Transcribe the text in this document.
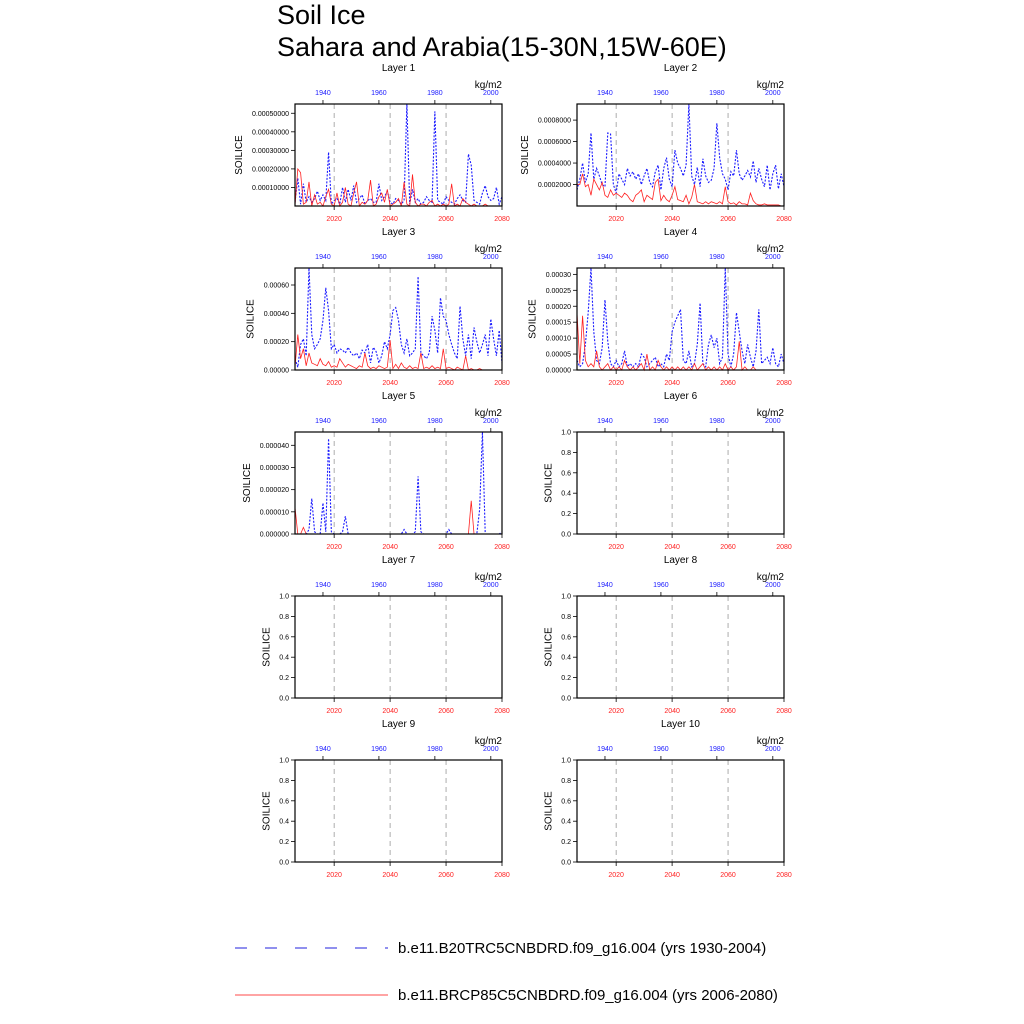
Soil Ice
Sahara and Arabia(15-30N,15W-60E)
Layer 1
kg/m2
0.00010000
0.00020000
0.00030000
0.00040000
0.00050000
2020	2040	2060	2080
1940	1960	1980	2000
SOILICE
Layer 2
kg/m2
0.0002000
0.0004000
0.0006000
0.0008000
2020	2040	2060	2080
1940	1960	1980	2000
SOILICE
Layer 3
kg/m2
0.00000
0.00020
0.00040
0.00060
2020	2040	2060	2080
1940	1960	1980	2000
SOILICE
Layer 4
kg/m2
0.00000
0.00005
0.00010
0.00015
0.00020
0.00025
0.00030
2020	2040	2060	2080
1940	1960	1980	2000
SOILICE
Layer 5
kg/m2
0.000000
0.000010
0.000020
0.000030
0.000040
2020	2040	2060	2080
1940	1960	1980	2000
SOILICE
Layer 6
kg/m2
0.0
0.2
0.4
0.6
0.8
1.0
2020	2040	2060	2080
1940	1960	1980	2000
SOILICE
Layer 7
kg/m2
0.0
0.2
0.4
0.6
0.8
1.0
2020	2040	2060	2080
1940	1960	1980	2000
SOILICE
Layer 8
kg/m2
0.0
0.2
0.4
0.6
0.8
1.0
2020	2040	2060	2080
1940	1960	1980	2000
SOILICE
Layer 9
kg/m2
0.0
0.2
0.4
0.6
0.8
1.0
2020	2040	2060	2080
1940	1960	1980	2000
SOILICE
Layer 10
kg/m2
0.0
0.2
0.4
0.6
0.8
1.0
2020	2040	2060	2080
1940	1960	1980	2000
SOILICE
b.e11.B20TRC5CNBDRD.f09_g16.004 (yrs 1930-2004)
b.e11.BRCP85C5CNBDRD.f09_g16.004 (yrs 2006-2080)
